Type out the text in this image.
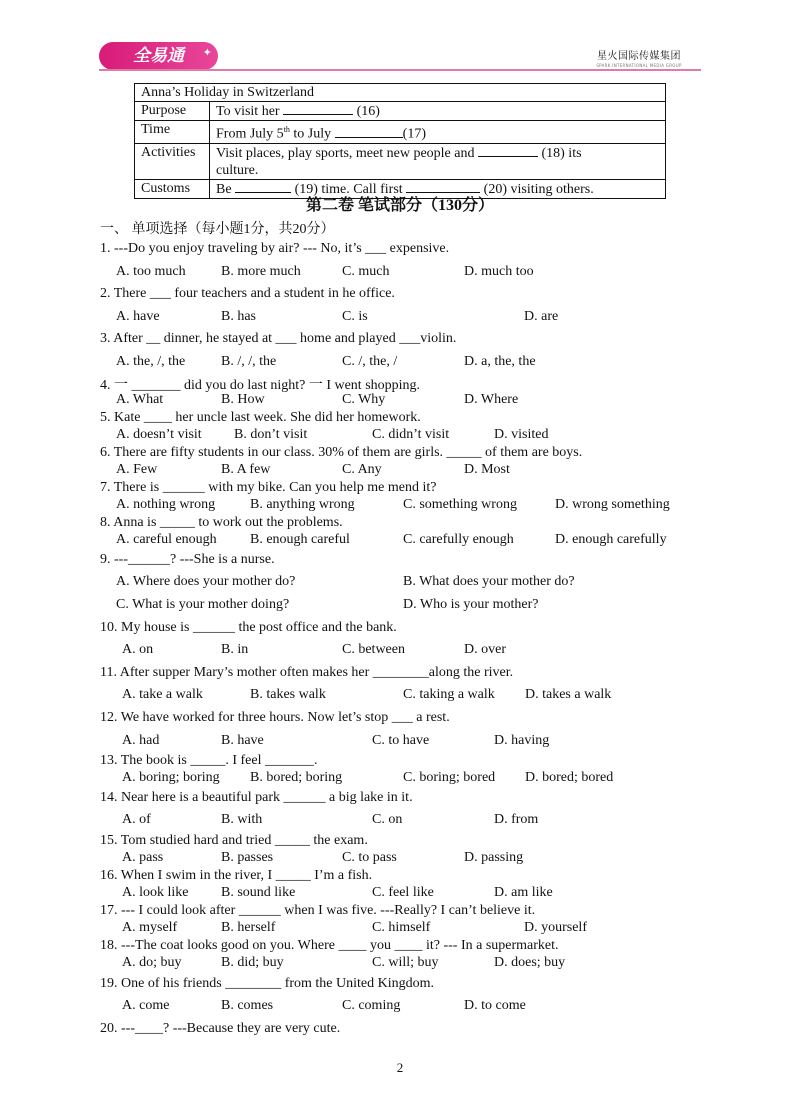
全易通 ✦	星火国际传媒集团
SPARK INTERNATIONAL MEDIA GROUP
Anna’s Holiday in Switzerland	
Purpose	To visit her (16)
Time	From July 5th to July (17)
Activities	Visit places, play sports, meet new people and (18) its
culture.
Customs	Be (19) time. Call first (20) visiting others.
第二卷 笔试部分（130分）
一、 单项选择（每小题1分，共20分）
1. ---Do you enjoy traveling by air? --- No, it’s ___ expensive.
A. too much	B. more much	C. much	D. much too
2. There ___ four teachers and a student in he office.
A. have	B. has	C. is	D. are
3. After __ dinner, he stayed at ___ home and played ___violin.
A. the, /, the	B. /, /, the	C. /, the, /	D. a, the, the
4. 一 _______ did you do last night? 一 I went shopping.
A. What	B. How	C. Why	D. Where
5. Kate ____ her uncle last week. She did her homework.
A. doesn’t visit B. don’t visit	C. didn’t visit	D. visited
6. There are fifty students in our class. 30% of them are girls. _____ of them are boys.
A. Few	B. A few	C. Any	D. Most
7. There is ______ with my bike. Can you help me mend it?
A. nothing wrong B. anything wrong	C. something wrong	D. wrong something
8. Anna is _____ to work out the problems.
A. careful enough B. enough careful	C. carefully enough	D. enough carefully
9. ---______? ---She is a nurse.
A. Where does your mother do?	B. What does your mother do?
C. What is your mother doing?	D. Who is your mother?
10. My house is ______ the post office and the bank.
A. on	B. in	C. between	D. over
11. After supper Mary’s mother often makes her ________along the river.
A. take a walk	B. takes walk	C. taking a walk D. takes a walk
12. We have worked for three hours. Now let’s stop ___ a rest.
A. had	B. have	C. to have	D. having
13. The book is _____. I feel _______.
A. boring; boring B. bored; boring	C. boring; bored D. bored; bored
14. Near here is a beautiful park ______ a big lake in it.
A. of	B. with	C. on	D. from
15. Tom studied hard and tried _____ the exam.
A. pass	B. passes	C. to pass	D. passing
16. When I swim in the river, I _____ I’m a fish.
A. look like B. sound like	C. feel like	D. am like
17. --- I could look after ______ when I was five. ---Really? I can’t believe it.
A. myself	B. herself	C. himself	D. yourself
18. ---The coat looks good on you. Where ____ you ____ it? --- In a supermarket.
A. do; buy	B. did; buy	C. will; buy	D. does; buy
19. One of his friends ________ from the United Kingdom.
A. come	B. comes	C. coming	D. to come
20. ---____? ---Because they are very cute.
2
